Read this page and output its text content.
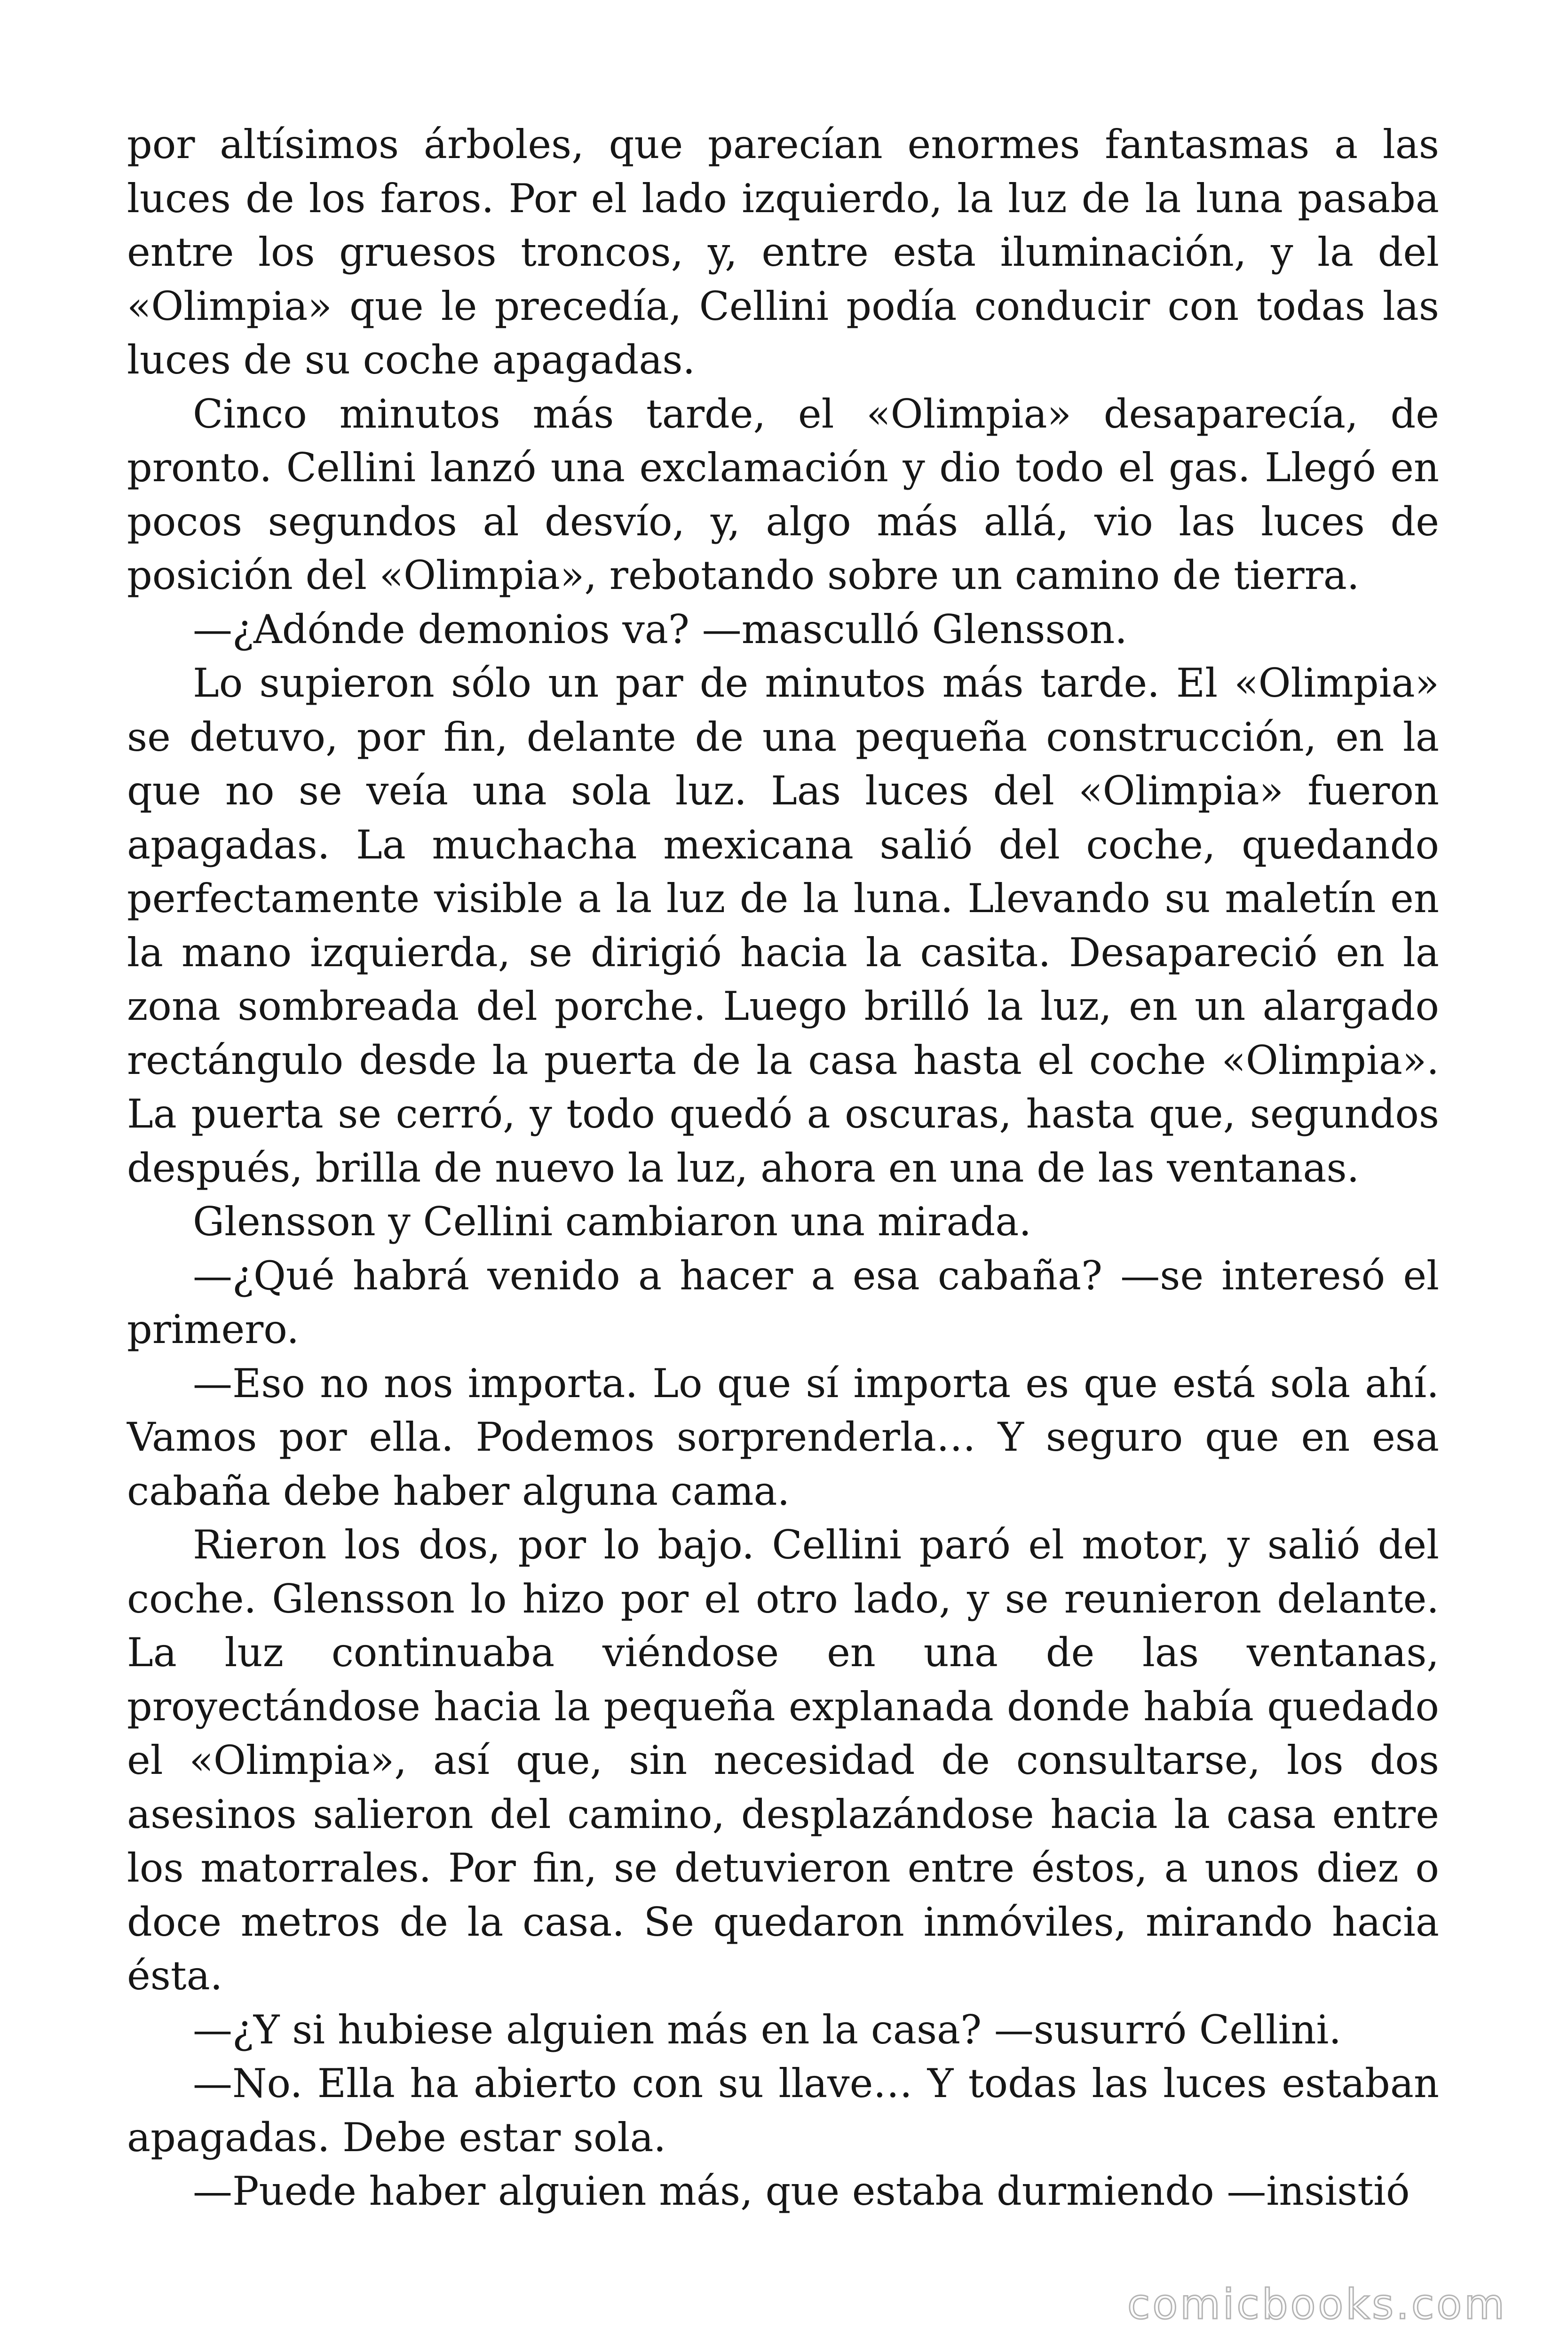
por altísimos árboles, que parecían enormes fantasmas a las luces de los faros. Por el lado izquierdo, la luz de la luna pasaba entre los gruesos troncos, y, entre esta iluminación, y la del «Olimpia» que le precedía, Cellini podía conducir con todas las luces de su coche apagadas.

Cinco minutos más tarde, el «Olimpia» desaparecía, de pronto. Cellini lanzó una exclamación y dio todo el gas. Llegó en pocos segundos al desvío, y, algo más allá, vio las luces de posición del «Olimpia», rebotando sobre un camino de tierra.

—¿Adónde demonios va? —masculló Glensson.

Lo supieron sólo un par de minutos más tarde. El «Olimpia» se detuvo, por fin, delante de una pequeña construcción, en la que no se veía una sola luz. Las luces del «Olimpia» fueron apagadas. La muchacha mexicana salió del coche, quedando perfectamente visible a la luz de la luna. Llevando su maletín en la mano izquierda, se dirigió hacia la casita. Desapareció en la zona sombreada del porche. Luego brilló la luz, en un alargado rectángulo desde la puerta de la casa hasta el coche «Olimpia». La puerta se cerró, y todo quedó a oscuras, hasta que, segundos después, brilla de nuevo la luz, ahora en una de las ventanas.

Glensson y Cellini cambiaron una mirada.

—¿Qué habrá venido a hacer a esa cabaña? —se interesó el primero.

—Eso no nos importa. Lo que sí importa es que está sola ahí. Vamos por ella. Podemos sorprenderla… Y seguro que en esa cabaña debe haber alguna cama.

Rieron los dos, por lo bajo. Cellini paró el motor, y salió del coche. Glensson lo hizo por el otro lado, y se reunieron delante. La luz continuaba viéndose en una de las ventanas, proyectándose hacia la pequeña explanada donde había quedado el «Olimpia», así que, sin necesidad de consultarse, los dos asesinos salieron del camino, desplazándose hacia la casa entre los matorrales. Por fin, se detuvieron entre éstos, a unos diez o doce metros de la casa. Se quedaron inmóviles, mirando hacia ésta.

—¿Y si hubiese alguien más en la casa? —susurró Cellini.

—No. Ella ha abierto con su llave… Y todas las luces estaban apagadas. Debe estar sola.

—Puede haber alguien más, que estaba durmiendo —insistió

comicbooks.com
